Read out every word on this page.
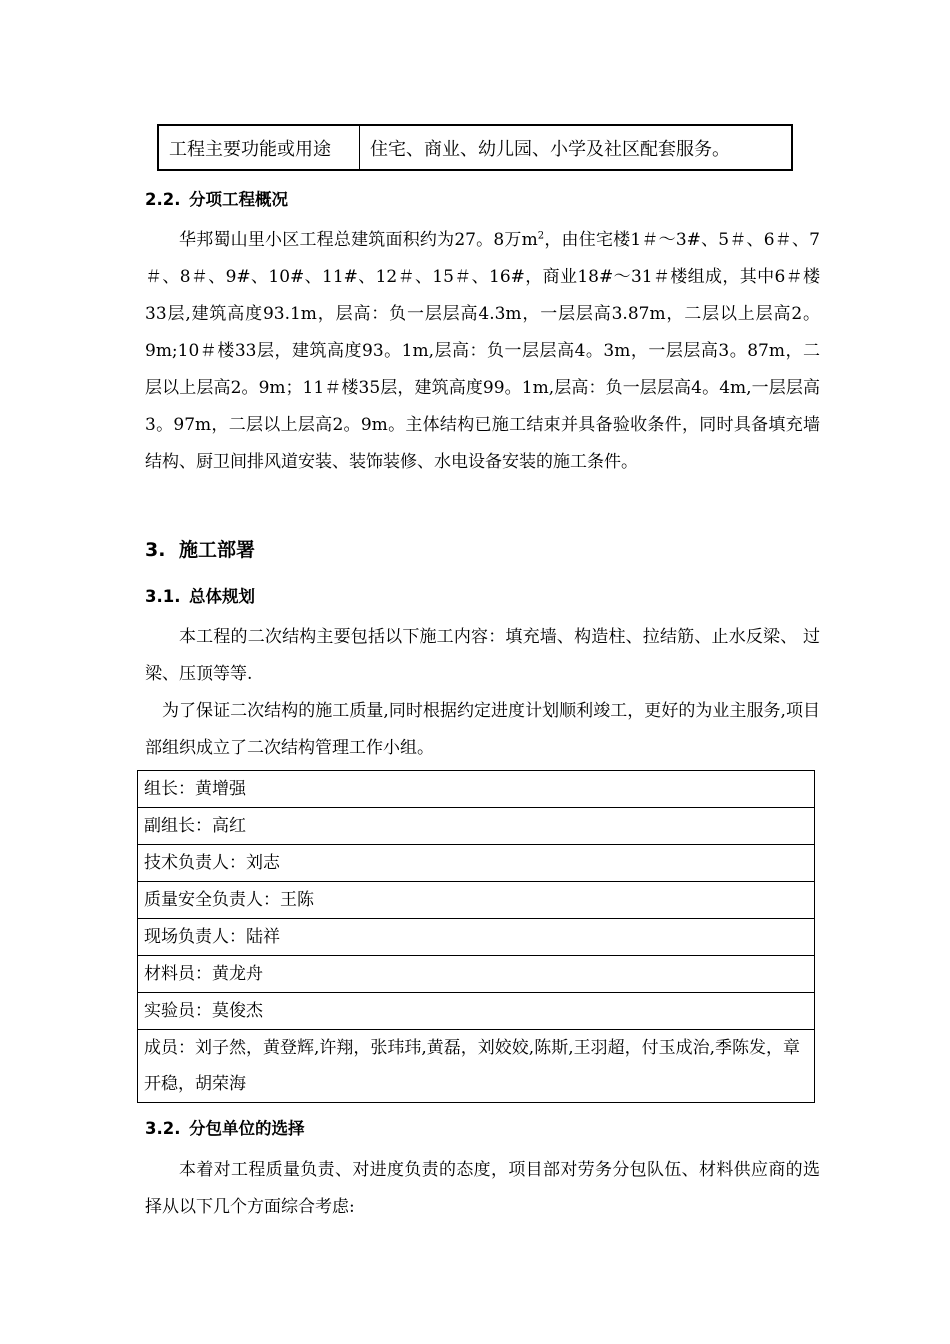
工程主要功能或用途	住宅、商业、幼儿园、小学及社区配套服务。
2.2. 分项工程概况

华邦蜀山里小区工程总建筑面积约为27。8万$m^2$，由住宅楼1＃～3#、5＃、6＃、7＃、8＃、9#、10#、11#、12＃、15＃、16#，商业18#～31＃楼组成，其中6＃楼33层,建筑高度93.1m，层高：负一层层高4.3m，一层层高3.87m，二层以上层高2。9m;10＃楼33层，建筑高度93。1m,层高：负一层层高4。3m，一层层高3。87m，二层以上层高2。9m；11＃楼35层，建筑高度99。1m,层高：负一层层高4。4m,一层层高3。97m，二层以上层高2。9m。主体结构已施工结束并具备验收条件，同时具备填充墙结构、厨卫间排风道安装、装饰装修、水电设备安装的施工条件。

3. 施工部署
3.1. 总体规划

本工程的二次结构主要包括以下施工内容：填充墙、构造柱、拉结筋、止水反梁、 过梁、压顶等等.

为了保证二次结构的施工质量,同时根据约定进度计划顺利竣工，更好的为业主服务,项目部组织成立了二次结构管理工作小组。

组长：黄增强
副组长：高红
技术负责人：刘志
质量安全负责人：王陈
现场负责人：陆祥
材料员：黄龙舟
实验员：莫俊杰
成员：刘子然，黄登辉,许翔，张玮玮,黄磊，刘姣姣,陈斯,王羽超，付玉成治,季陈发，章开稳，胡荣海
3.2. 分包单位的选择

本着对工程质量负责、对进度负责的态度，项目部对劳务分包队伍、材料供应商的选择从以下几个方面综合考虑:
